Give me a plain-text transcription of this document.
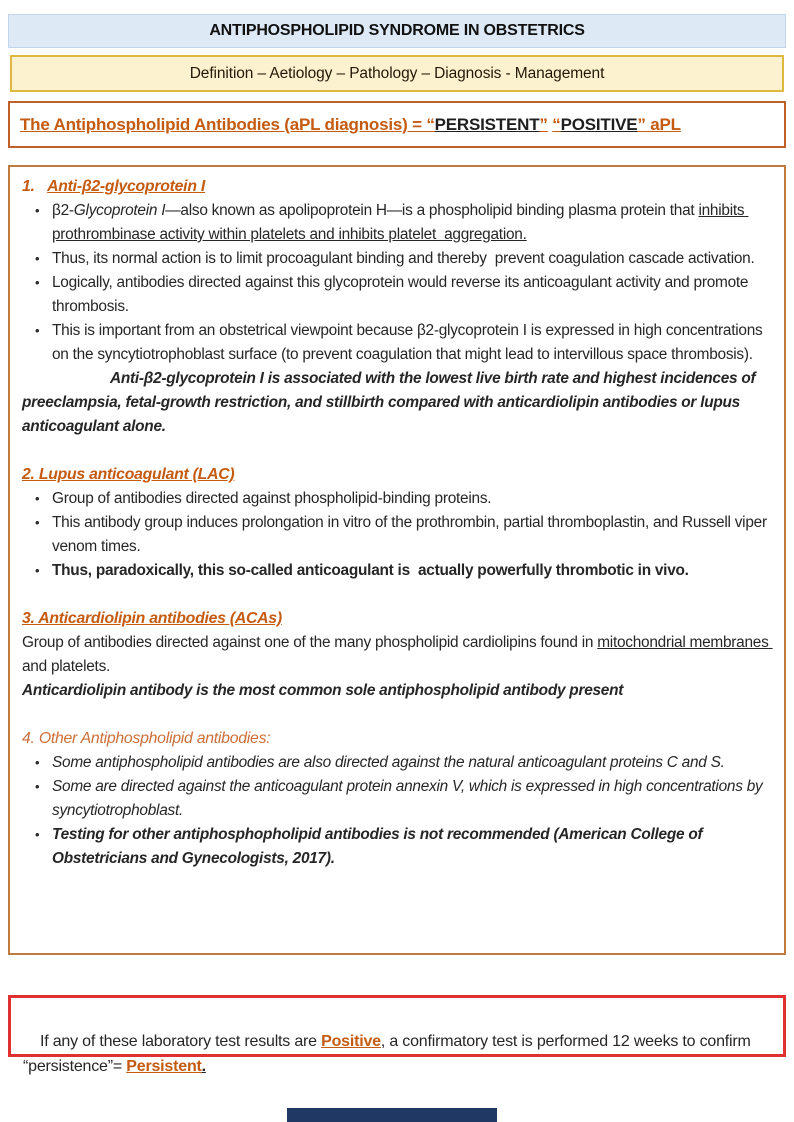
ANTIPHOSPHOLIPID SYNDROME IN OBSTETRICS
Definition – Aetiology – Pathology – Diagnosis - Management
The Antiphospholipid Antibodies (aPL diagnosis) = “PERSISTENT” “POSITIVE” aPL
1. Anti-β2-glycoprotein I
• β2-Glycoprotein I—also known as apolipoprotein H—is a phospholipid binding plasma protein that inhibits prothrombinase activity within platelets and inhibits platelet  aggregation.
• Thus, its normal action is to limit procoagulant binding and thereby  prevent coagulation cascade activation.
• Logically, antibodies directed against this glycoprotein would reverse its anticoagulant activity and promote thrombosis.
• This is important from an obstetrical viewpoint because β2-glycoprotein I is expressed in high concentrations on the syncytiotrophoblast surface (to prevent coagulation that might lead to intervillous space thrombosis).
Anti-β2-glycoprotein I is associated with the lowest live birth rate and highest incidences of preeclampsia, fetal-growth restriction, and stillbirth compared with anticardiolipin antibodies or lupus anticoagulant alone.
2. Lupus anticoagulant (LAC)
• Group of antibodies directed against phospholipid-binding proteins.
• This antibody group induces prolongation in vitro of the prothrombin, partial thromboplastin, and Russell viper venom times.
• Thus, paradoxically, this so-called anticoagulant is  actually powerfully thrombotic in vivo.
3. Anticardiolipin antibodies (ACAs)
Group of antibodies directed against one of the many phospholipid cardiolipins found in mitochondrial membranes and platelets.
Anticardiolipin antibody is the most common sole antiphospholipid antibody present
4. Other Antiphospholipid antibodies:
• Some antiphospholipid antibodies are also directed against the natural anticoagulant proteins C and S.
• Some are directed against the anticoagulant protein annexin V, which is expressed in high concentrations by syncytiotrophoblast.
• Testing for other antiphosphopholipid antibodies is not recommended (American College of Obstetricians and Gynecologists, 2017).

If any of these laboratory test results are Positive, a confirmatory test is performed 12 weeks to confirm “persistence”= Persistent.
